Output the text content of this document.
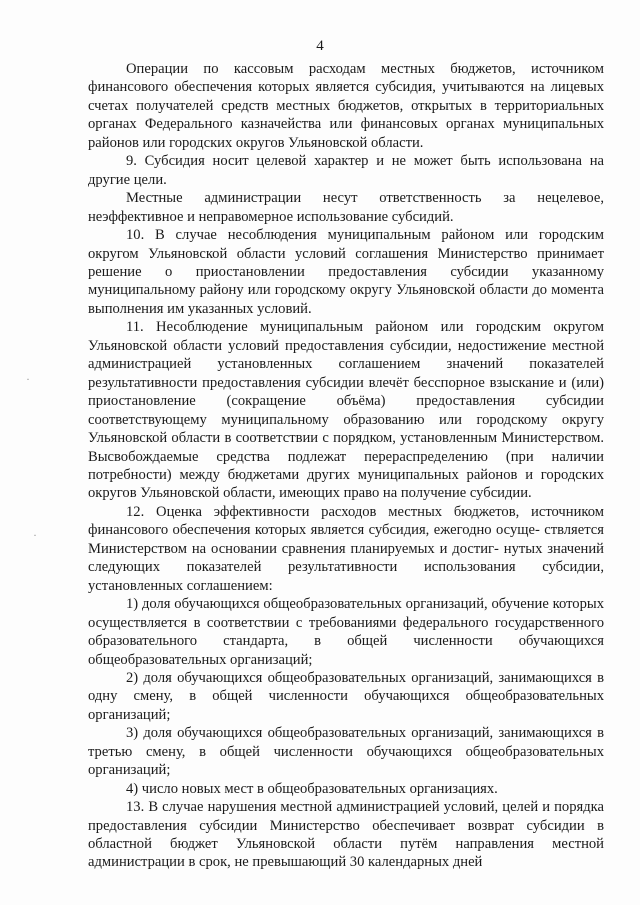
4

Операции по кассовым расходам местных бюджетов, источником финансового обеспечения которых является субсидия, учитываются на лицевых счетах получателей средств местных бюджетов, открытых в территориальных органах Федерального казначейства или финансовых органах муниципальных районов или городских округов Ульяновской области.

9. Субсидия носит целевой характер и не может быть использована на другие цели.

Местные администрации несут ответственность за нецелевое, неэффективное и неправомерное использование субсидий.

10. В случае несоблюдения муниципальным районом или городским округом Ульяновской области условий соглашения Министерство принимает решение о приостановлении предоставления субсидии указанному муниципальному району или городскому округу Ульяновской области до момента выполнения им указанных условий.

11. Несоблюдение муниципальным районом или городским округом Ульяновской области условий предоставления субсидии, недостижение местной администрацией установленных соглашением значений показателей результативности предоставления субсидии влечёт бесспорное взыскание и (или) приостановление (сокращение объёма) предоставления субсидии соответствующему муниципальному образованию или городскому округу Ульяновской области в соответствии с порядком, установленным Министерством. Высвобождаемые средства подлежат перераспределению (при наличии потребности) между бюджетами других муниципальных районов и городских округов Ульяновской области, имеющих право на получение субсидии.

12. Оценка эффективности расходов местных бюджетов, источником финансового обеспечения которых является субсидия, ежегодно осуще- ствляется Министерством на основании сравнения планируемых и достиг- нутых значений следующих показателей результативности использования субсидии, установленных соглашением:

1) доля обучающихся общеобразовательных организаций, обучение которых осуществляется в соответствии с требованиями федерального государственного образовательного стандарта, в общей численности обучающихся общеобразовательных организаций;

2) доля обучающихся общеобразовательных организаций, занимающихся в одну смену, в общей численности обучающихся общеобразовательных организаций;

3) доля обучающихся общеобразовательных организаций, занимающихся в третью смену, в общей численности обучающихся общеобразовательных организаций;

4) число новых мест в общеобразовательных организациях.

13. В случае нарушения местной администрацией условий, целей и порядка предоставления субсидии Министерство обеспечивает возврат субсидии в областной бюджет Ульяновской области путём направления местной администрации в срок, не превышающий 30 календарных дней

·
·
